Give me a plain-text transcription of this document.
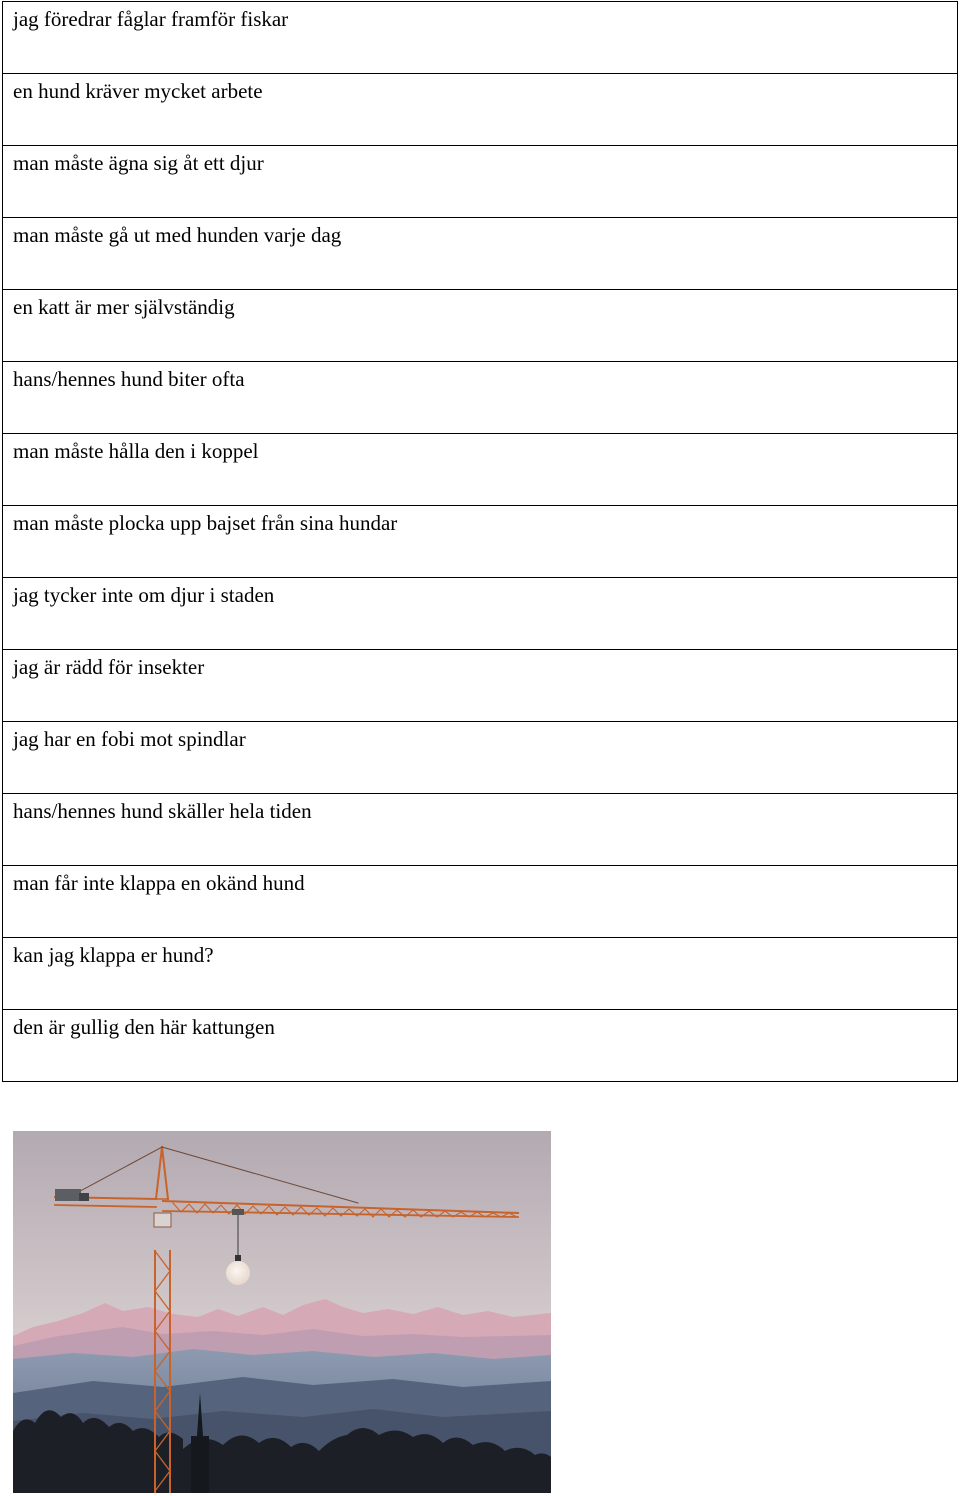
jag föredrar fåglar framför fiskar

en hund kräver mycket arbete

man måste ägna sig åt ett djur

man måste gå ut med hunden varje dag

en katt är mer självständig

hans/hennes hund biter ofta

man måste hålla den i koppel

man måste plocka upp bajset från sina hundar

jag tycker inte om djur i staden

jag är rädd för insekter

jag har en fobi mot spindlar

hans/hennes hund skäller hela tiden

man får inte klappa en okänd hund

kan jag klappa er hund?

den är gullig den här kattungen
